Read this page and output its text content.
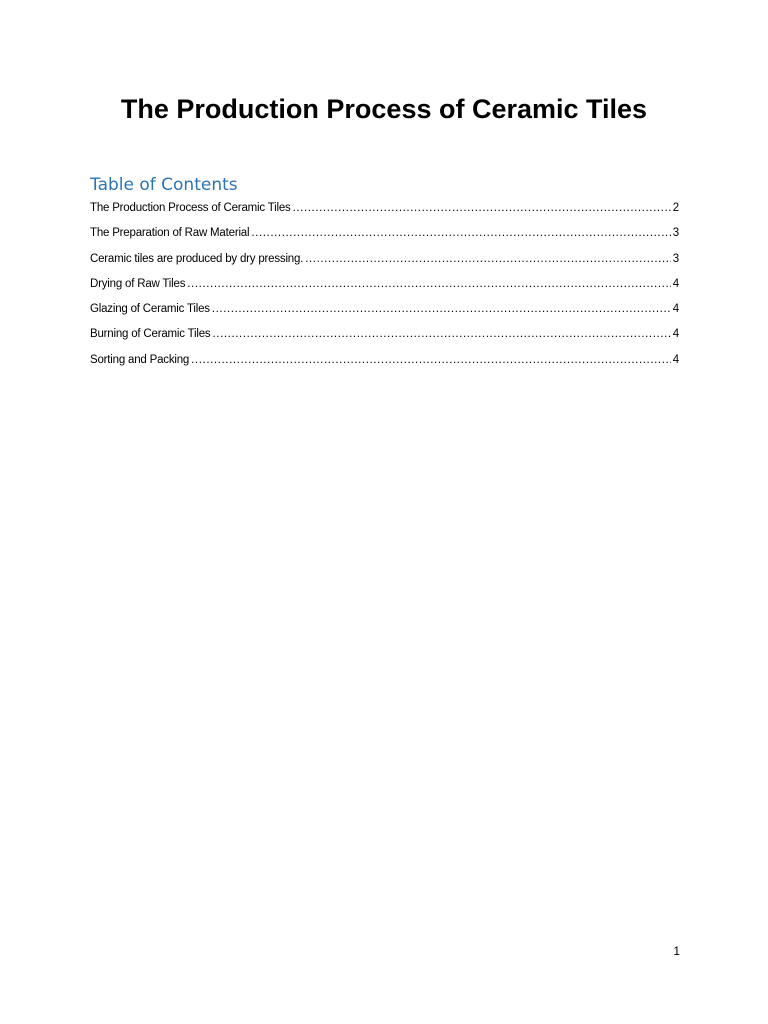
The Production Process of Ceramic Tiles
Table of Contents
The Production Process of Ceramic Tiles .....	2
The Preparation of Raw Material .....	3
Ceramic tiles are produced by dry pressing. .....	3
Drying of Raw Tiles .....	4
Glazing of Ceramic Tiles .....	4
Burning of Ceramic Tiles .....	4
Sorting and Packing .....	4
1
